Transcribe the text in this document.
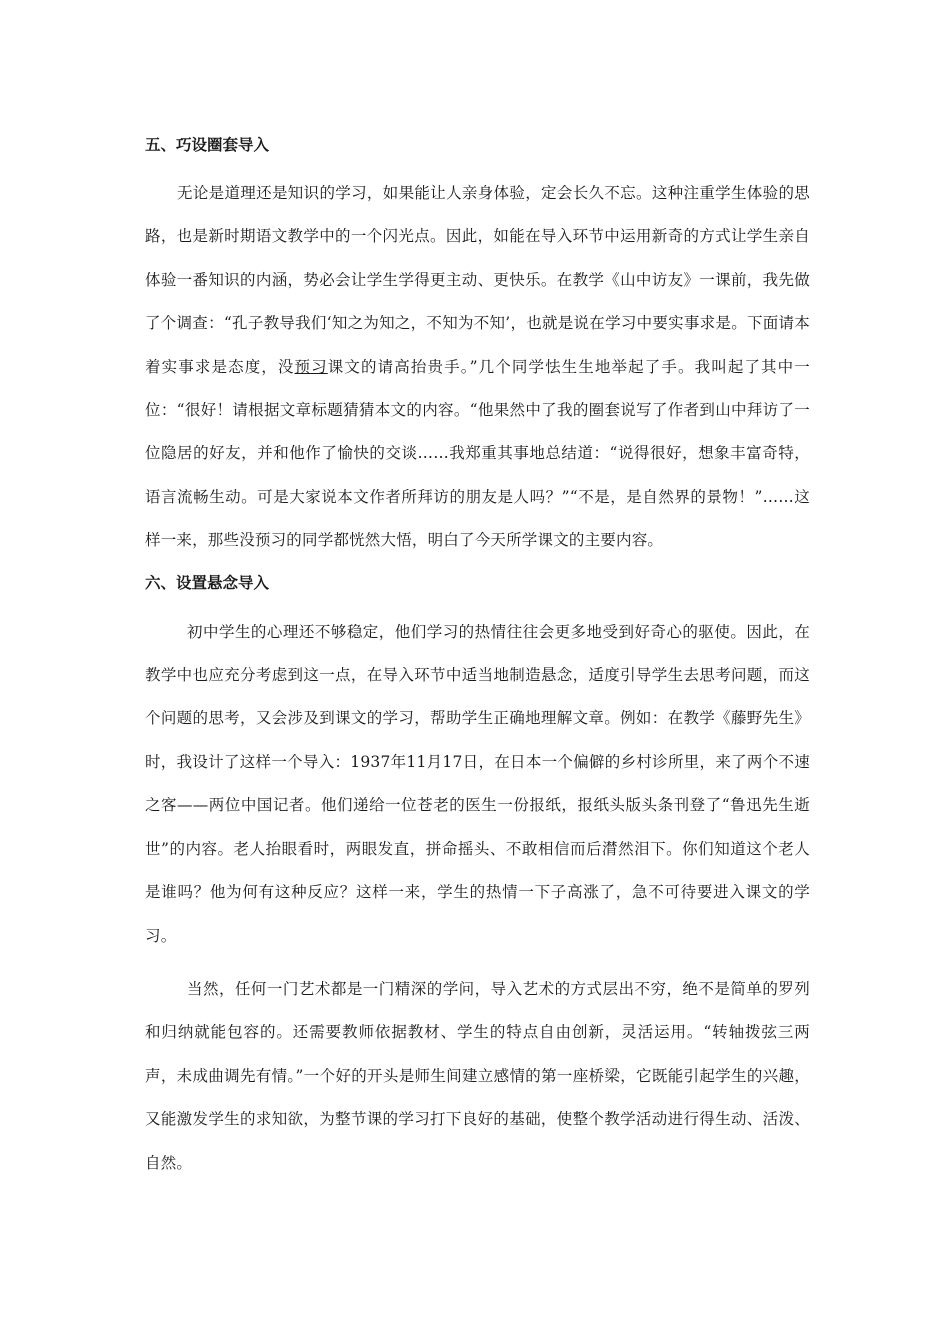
五、巧设圈套导入

无论是道理还是知识的学习，如果能让人亲身体验，定会长久不忘。这种注重学生体验的思路，也是新时期语文教学中的一个闪光点。因此，如能在导入环节中运用新奇的方式让学生亲自体验一番知识的内涵，势必会让学生学得更主动、更快乐。在教学《山中访友》一课前，我先做了个调查：“孔子教导我们‘知之为知之，不知为不知’，也就是说在学习中要实事求是。下面请本着实事求是态度，没预习课文的请高抬贵手。”几个同学怯生生地举起了手。我叫起了其中一位：“很好！请根据文章标题猜猜本文的内容。“他果然中了我的圈套说写了作者到山中拜访了一位隐居的好友，并和他作了愉快的交谈……我郑重其事地总结道：“说得很好，想象丰富奇特，语言流畅生动。可是大家说本文作者所拜访的朋友是人吗？”“不是，是自然界的景物！”……这样一来，那些没预习的同学都恍然大悟，明白了今天所学课文的主要内容。

六、设置悬念导入

初中学生的心理还不够稳定，他们学习的热情往往会更多地受到好奇心的驱使。因此，在教学中也应充分考虑到这一点，在导入环节中适当地制造悬念，适度引导学生去思考问题，而这个问题的思考，又会涉及到课文的学习，帮助学生正确地理解文章。例如：在教学《藤野先生》时，我设计了这样一个导入：1937年11月17日，在日本一个偏僻的乡村诊所里，来了两个不速之客——两位中国记者。他们递给一位苍老的医生一份报纸，报纸头版头条刊登了“鲁迅先生逝世”的内容。老人抬眼看时，两眼发直，拼命摇头、不敢相信而后潸然泪下。你们知道这个老人是谁吗？他为何有这种反应？这样一来，学生的热情一下子高涨了，急不可待要进入课文的学习。

当然，任何一门艺术都是一门精深的学问，导入艺术的方式层出不穷，绝不是简单的罗列和归纳就能包容的。还需要教师依据教材、学生的特点自由创新，灵活运用。“转轴拨弦三两声，未成曲调先有情。”一个好的开头是师生间建立感情的第一座桥梁，它既能引起学生的兴趣，又能激发学生的求知欲，为整节课的学习打下良好的基础，使整个教学活动进行得生动、活泼、自然。
